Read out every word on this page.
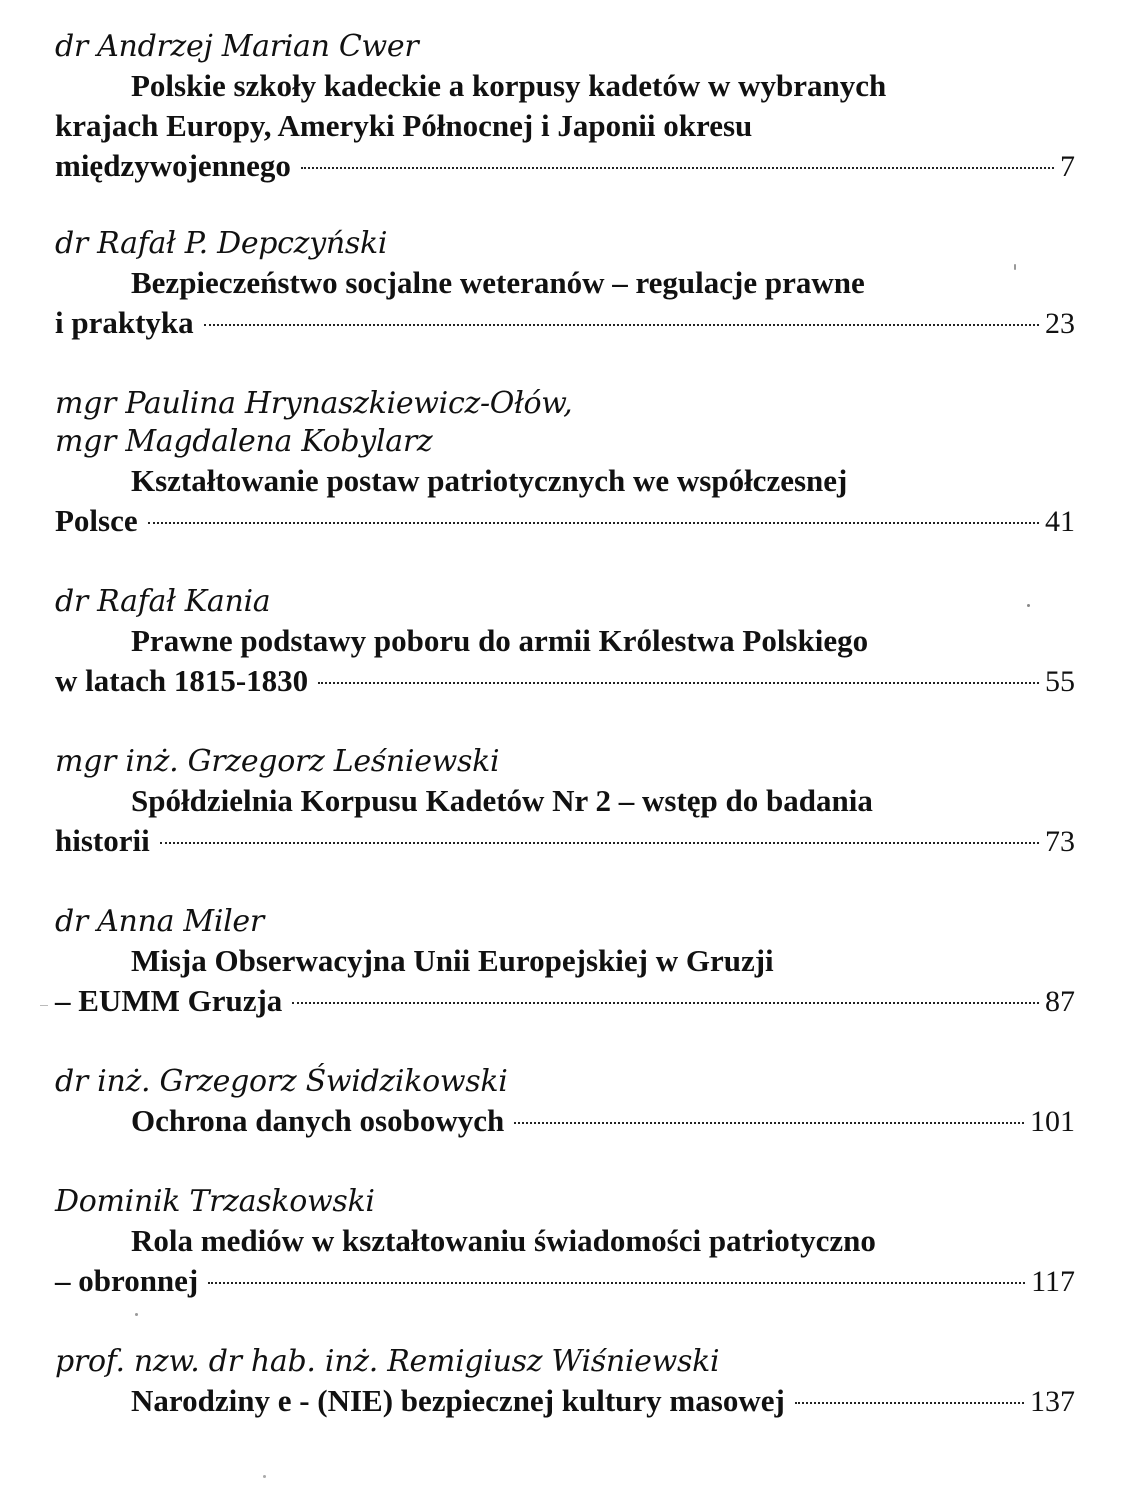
dr Andrzej Marian Cwer
Polskie szkoły kadeckie a korpusy kadetów w wybranych
krajach Europy, Ameryki Północnej i Japonii okresu
międzywojennego	7
dr Rafał P. Depczyński
Bezpieczeństwo socjalne weteranów – regulacje prawne
i praktyka	23
mgr Paulina Hrynaszkiewicz-Ołów,
mgr Magdalena Kobylarz
Kształtowanie postaw patriotycznych we współczesnej
Polsce	41
dr Rafał Kania
Prawne podstawy poboru do armii Królestwa Polskiego
w latach 1815-1830	55
mgr inż. Grzegorz Leśniewski
Spółdzielnia Korpusu Kadetów Nr 2 – wstęp do badania
historii	73
dr Anna Miler
Misja Obserwacyjna Unii Europejskiej w Gruzji
– EUMM Gruzja	87
dr inż. Grzegorz Świdzikowski
Ochrona danych osobowych	101
Dominik Trzaskowski
Rola mediów w kształtowaniu świadomości patriotyczno
– obronnej	117
prof. nzw. dr hab. inż. Remigiusz Wiśniewski
Narodziny e - (NIE) bezpiecznej kultury masowej	137
